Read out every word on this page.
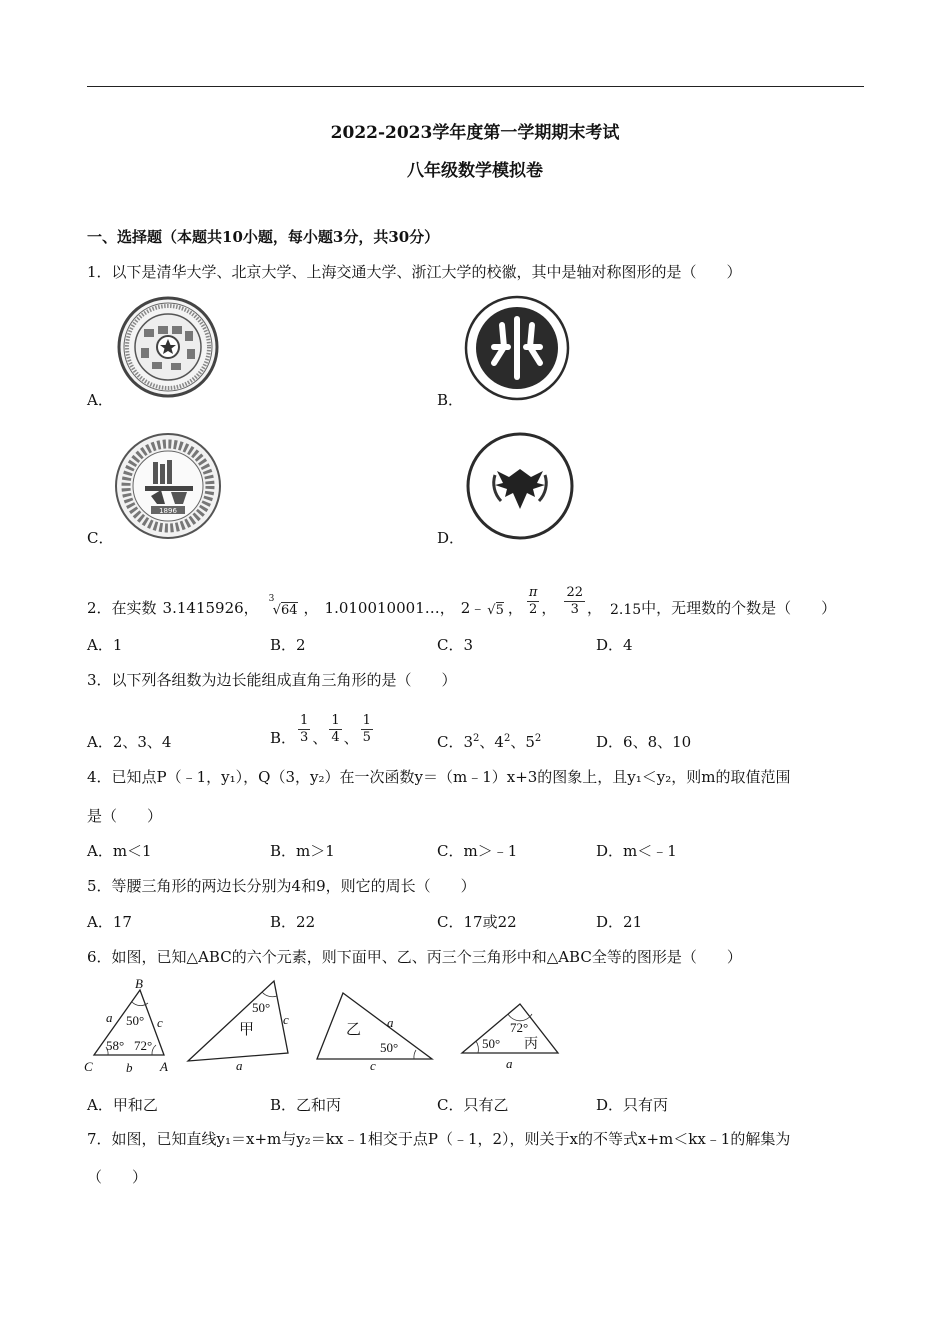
2022-2023学年度第一学期期末考试
八年级数学模拟卷
一、选择题（本题共10小题，每小题3分，共30分）
1．以下是清华大学、北京大学、上海交通大学、浙江大学的校徽，其中是轴对称图形的是（　　）
A．	B．
C．	D．
1896
2．在实数 3.1415926， 3
√64 ， 1.010010001…， 2﹣ √ 5 ， $\frac{\pi}{2}$ ， $\frac{22}{3}$ ， 2.15 中，无理数的个数是（　　）
A．1	B．2	C．3	D．4
3．以下列各组数为边长能组成直角三角形的是（　　）
A．2、3、4	B． $\frac{1}{3}$ 、 $\frac{1}{4}$ 、 $\frac{1}{5}$	C．$3^2$、$4^2$、$5^2$	D．6、8、10
4．已知点P（﹣1，y₁），Q（3，y₂）在一次函数y＝（m﹣1）x+3的图象上，且y₁＜y₂，则m的取值范围
是（　　）
A．m＜1	B．m＞1	C．m＞﹣1	D．m＜﹣1
5．等腰三角形的两边长分别为4和9，则它的周长（　　）
A．17	B．22	C．17或22	D．21
6．如图，已知△ABC的六个元素，则下面甲、乙、丙三个三角形中和△ABC全等的图形是（　　）
B
C	A
a	c
b
50°
58° 72°
50°
甲
c
a
乙 a
50°
c
50°
72°
丙
a
A．甲和乙	B．乙和丙	C．只有乙	D．只有丙
7．如图，已知直线y₁＝x+m与y₂＝kx﹣1相交于点P（﹣1，2），则关于x的不等式x+m＜kx﹣1的解集为
（　　）
